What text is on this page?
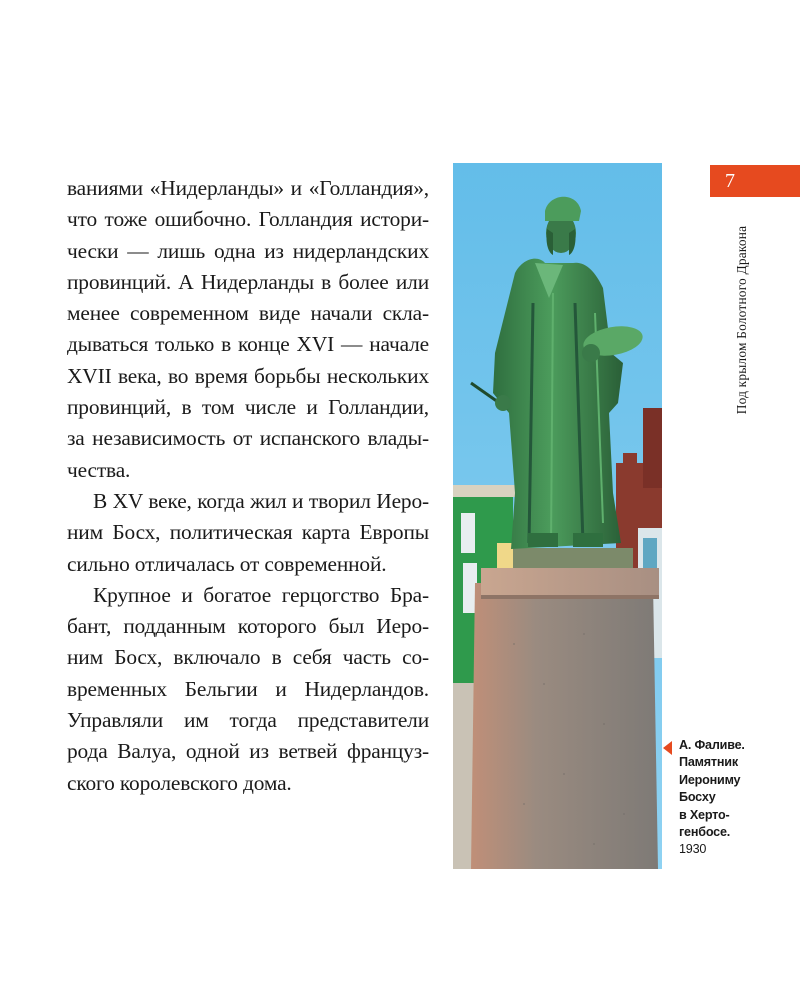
ваниями «Нидерланды» и «Голландия»,
что тоже ошибочно. Голландия истори-
чески — лишь одна из нидерландских
провинций. А Нидерланды в более или
менее современном виде начали скла-
дываться только в конце XVI — начале
XVII века, во время борьбы нескольких
провинций, в том числе и Голландии,
за независимость от испанского влады-
чества.

В XV веке, когда жил и творил Иеро-
ним Босх, политическая карта Европы
сильно отличалась от современной.

Крупное и богатое герцогство Бра-
бант, подданным которого был Иеро-
ним Босх, включало в себя часть со-
временных Бельгии и Нидерландов.
Управляли им тогда представители
рода Валуа, одной из ветвей француз-
ского королевского дома.

А. Фаливе.
Памятник
Иерониму
Босху
в Херто-
генбосе.
1930
7
Под крылом Болотного Дракона
